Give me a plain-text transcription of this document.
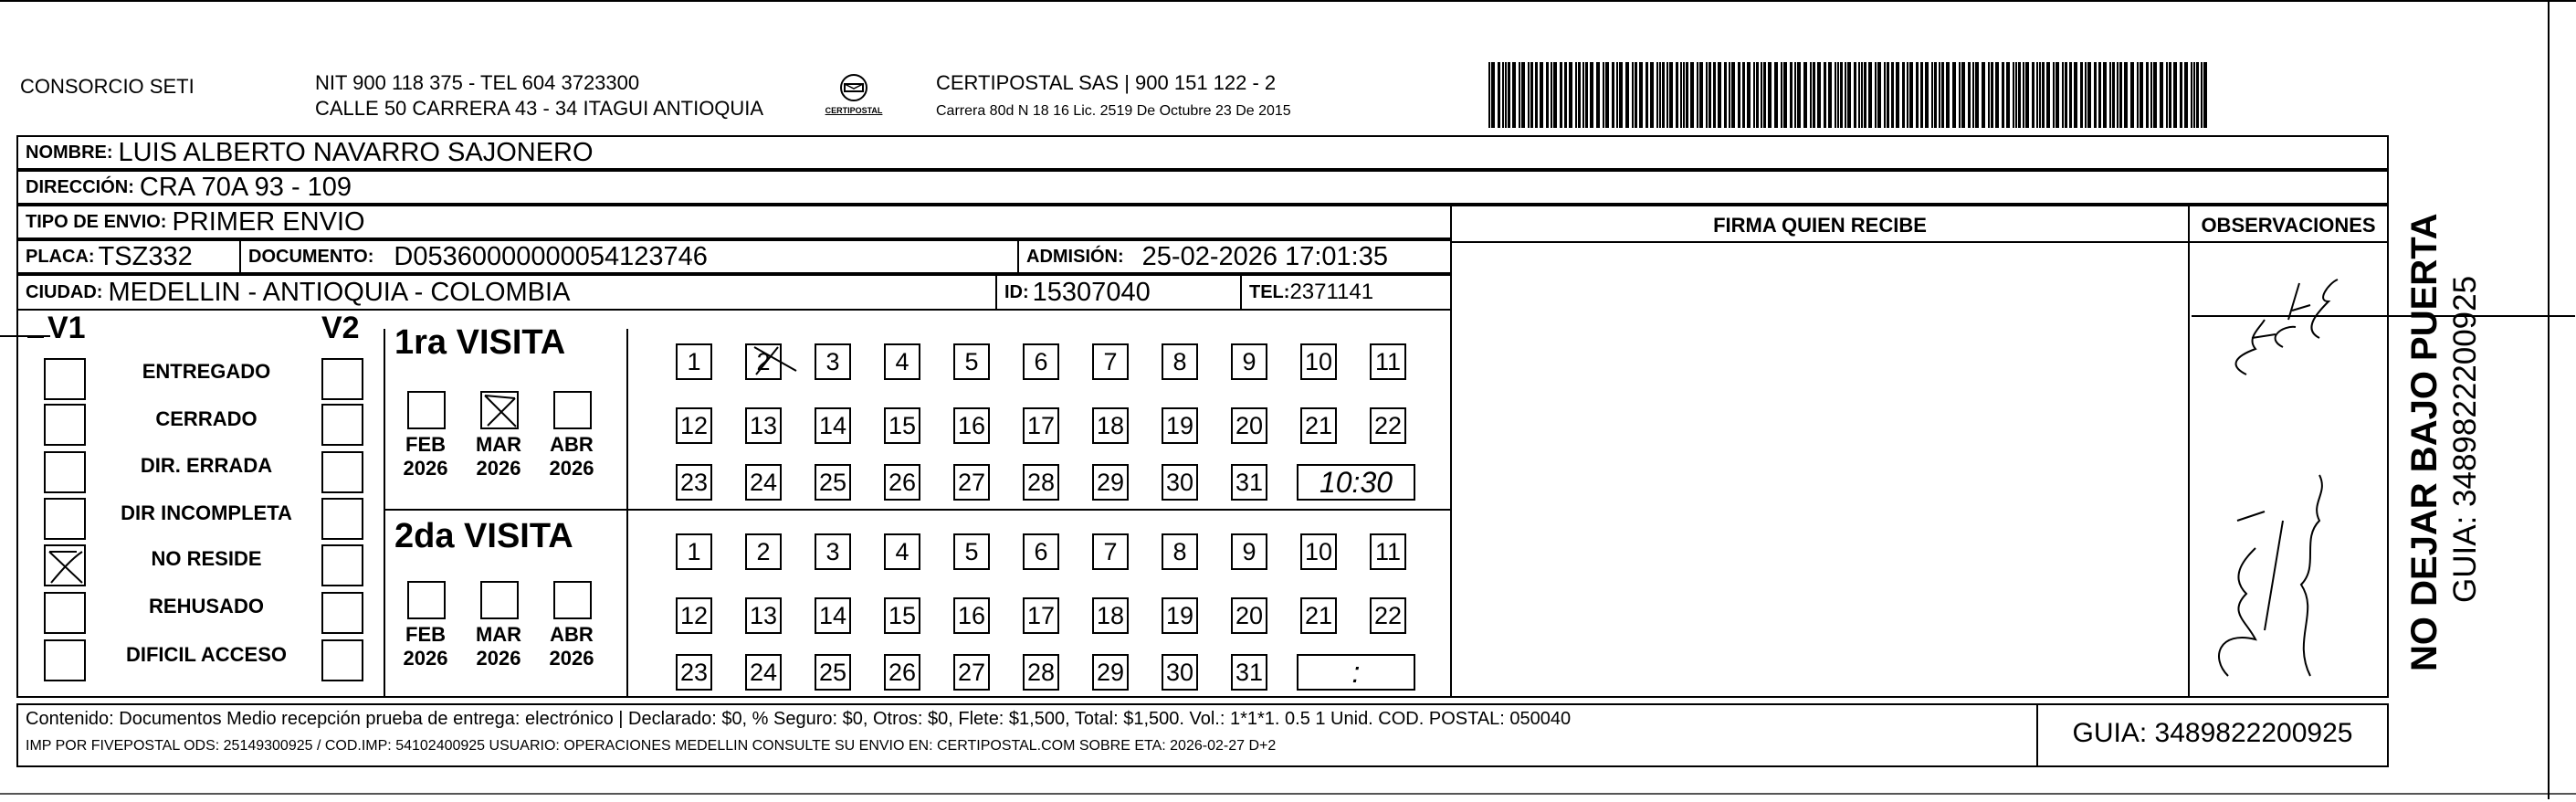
CONSORCIO SETI	NIT 900 118 375 - TEL 604 3723300
CALLE 50 CARRERA 43 - 34 ITAGUI ANTIOQUIA	CERTIPOSTAL
CERTIPOSTAL SAS | 900 151 122 - 2
Carrera 80d N 18 16 Lic. 2519 De Octubre 23 De 2015
NOMBRE: LUIS ALBERTO NAVARRO SAJONERO
DIRECCIÓN: CRA 70A 93 - 109
TIPO DE ENVIO: PRIMER ENVIO
PLACA: TSZ332	DOCUMENTO: D05360000000054123746	ADMISIÓN: 25-02-2026 17:01:35
CIUDAD: MEDELLIN - ANTIOQUIA - COLOMBIA	ID: 15307040	TEL: 2371141
FIRMA QUIEN RECIBE	OBSERVACIONES
V1	V2
ENTREGADO
CERRADO
DIR. ERRADA
DIR INCOMPLETA
NO RESIDE
REHUSADO
DIFICIL ACCESO
1ra VISITA
2da VISITA
FEB
2026
MAR
2026
ABR
2026
1 2 3 4 5 6 7 8 9 10 11
12 13 14 15 16 17 18 19 20 21 22
23 24 25 26 27 28 29 30 31 10:30
FEB
2026
MAR
2026
ABR
2026
1 2 3 4 5 6 7 8 9 10 11
12 13 14 15 16 17 18 19 20 21 22
23 24 25 26 27 28 29 30 31	:
Contenido: Documentos Medio recepción prueba de entrega: electrónico | Declarado: $0, % Seguro: $0, Otros: $0, Flete: $1,500, Total: $1,500. Vol.: 1*1*1. 0.5 1 Unid. COD. POSTAL: 050040
IMP POR FIVEPOSTAL ODS: 25149300925 / COD.IMP: 54102400925 USUARIO: OPERACIONES MEDELLIN CONSULTE SU ENVIO EN: CERTIPOSTAL.COM SOBRE ETA: 2026-02-27 D+2	GUIA: 3489822200925
NO DEJAR BAJO PUERTA GUIA: 3489822200925
